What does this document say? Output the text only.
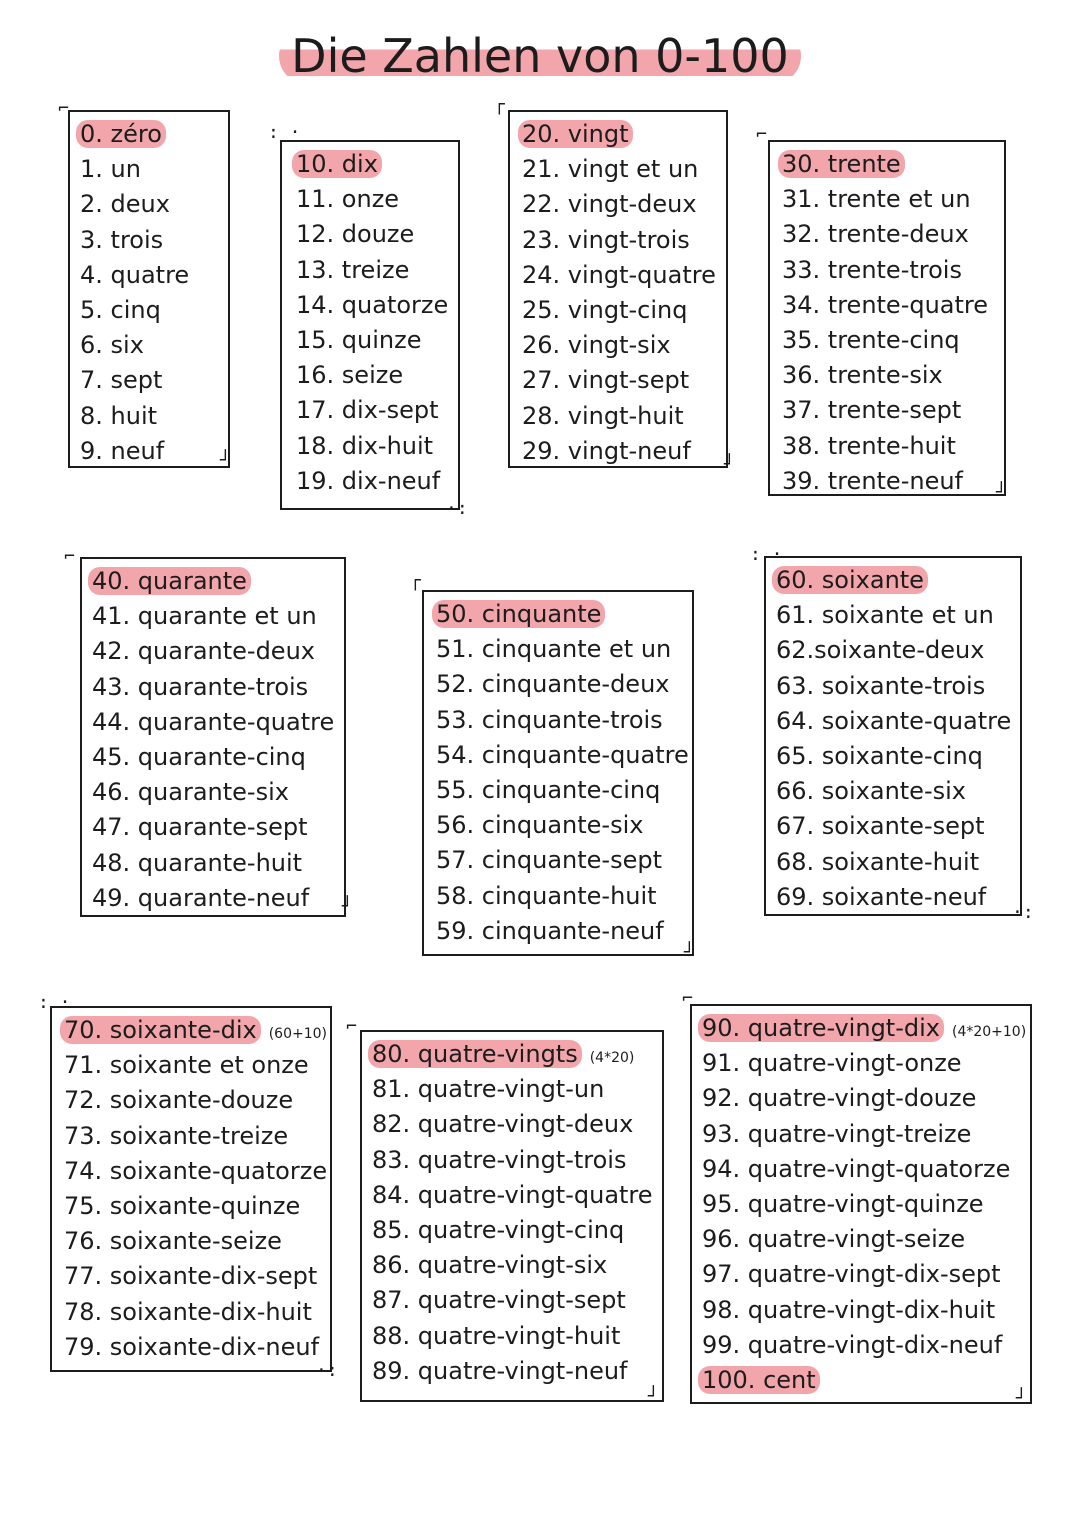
Die Zahlen von 0-100
⌐
┘
: ·
·:
┌
┘
⌐
┘
⌐
┘
┌
┘
: ·
·:
: ·
·:
⌐
┘
⌐
┘
0. zéro
1. un
2. deux
3. trois
4. quatre
5. cinq
6. six
7. sept
8. huit
9. neuf
10. dix
11. onze
12. douze
13. treize
14. quatorze
15. quinze
16. seize
17. dix-sept
18. dix-huit
19. dix-neuf
20. vingt
21. vingt et un
22. vingt-deux
23. vingt-trois
24. vingt-quatre
25. vingt-cinq
26. vingt-six
27. vingt-sept
28. vingt-huit
29. vingt-neuf
30. trente
31. trente et un
32. trente-deux
33. trente-trois
34. trente-quatre
35. trente-cinq
36. trente-six
37. trente-sept
38. trente-huit
39. trente-neuf
40. quarante
41. quarante et un
42. quarante-deux
43. quarante-trois
44. quarante-quatre
45. quarante-cinq
46. quarante-six
47. quarante-sept
48. quarante-huit
49. quarante-neuf
50. cinquante
51. cinquante et un
52. cinquante-deux
53. cinquante-trois
54. cinquante-quatre
55. cinquante-cinq
56. cinquante-six
57. cinquante-sept
58. cinquante-huit
59. cinquante-neuf
60. soixante
61. soixante et un
62.soixante-deux
63. soixante-trois
64. soixante-quatre
65. soixante-cinq
66. soixante-six
67. soixante-sept
68. soixante-huit
69. soixante-neuf
70. soixante-dix (60+10)
71. soixante et onze
72. soixante-douze
73. soixante-treize
74. soixante-quatorze
75. soixante-quinze
76. soixante-seize
77. soixante-dix-sept
78. soixante-dix-huit
79. soixante-dix-neuf
80. quatre-vingts (4*20)
81. quatre-vingt-un
82. quatre-vingt-deux
83. quatre-vingt-trois
84. quatre-vingt-quatre
85. quatre-vingt-cinq
86. quatre-vingt-six
87. quatre-vingt-sept
88. quatre-vingt-huit
89. quatre-vingt-neuf
90. quatre-vingt-dix (4*20+10)
91. quatre-vingt-onze
92. quatre-vingt-douze
93. quatre-vingt-treize
94. quatre-vingt-quatorze
95. quatre-vingt-quinze
96. quatre-vingt-seize
97. quatre-vingt-dix-sept
98. quatre-vingt-dix-huit
99. quatre-vingt-dix-neuf
100. cent
